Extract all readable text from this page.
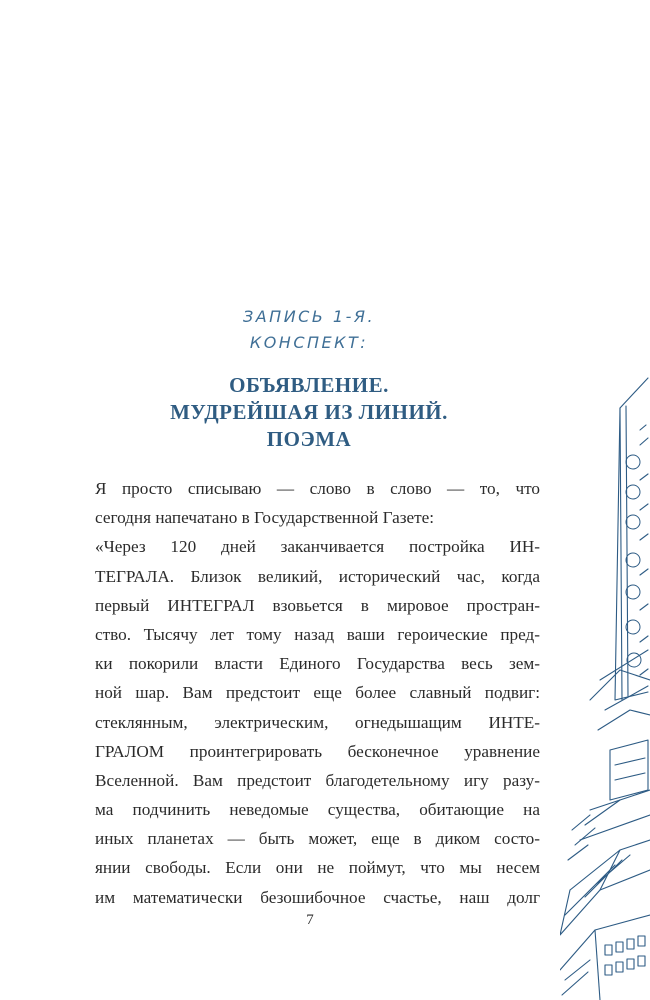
ЗАПИСЬ 1-Я.
КОНСПЕКТ:
ОБЪЯВЛЕНИЕ.
МУДРЕЙШАЯ ИЗ ЛИНИЙ.
ПОЭМА
Я просто списываю — слово в слово — то, что
сегодня напечатано в Государственной Газете:
«Через 120 дней заканчивается постройка ИН-
ТЕГРАЛА. Близок великий, исторический час, когда
первый ИНТЕГРАЛ взовьется в мировое простран-
ство. Тысячу лет тому назад ваши героические пред-
ки покорили власти Единого Государства весь зем-
ной шар. Вам предстоит еще более славный подвиг:
стеклянным, электрическим, огнедышащим ИНТЕ-
ГРАЛОМ проинтегрировать бесконечное уравнение
Вселенной. Вам предстоит благодетельному игу разу-
ма подчинить неведомые существа, обитающие на
иных планетах — быть может, еще в диком состо-
янии свободы. Если они не поймут, что мы несем
им математически безошибочное счастье, наш долг
7
